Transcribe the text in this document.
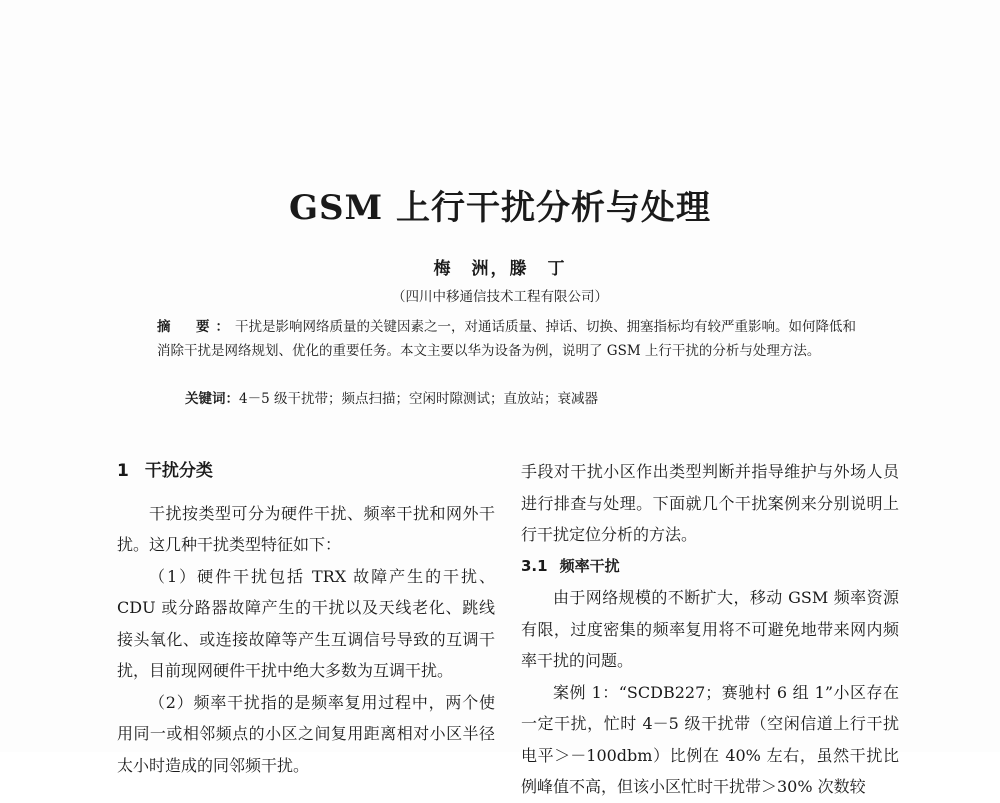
GSM 上行干扰分析与处理
梅　洲，滕　丁
（四川中移通信技术工程有限公司）
摘　要：干扰是影响网络质量的关键因素之一，对通话质量、掉话、切换、拥塞指标均有较严重影响。如何降低和消除干扰是网络规划、优化的重要任务。本文主要以华为设备为例，说明了 GSM 上行干扰的分析与处理方法。
关键词：4－5 级干扰带；频点扫描；空闲时隙测试；直放站；衰减器
1 干扰分类

干扰按类型可分为硬件干扰、频率干扰和网外干扰。这几种干扰类型特征如下：

（1）硬件干扰包括 TRX 故障产生的干扰、CDU 或分路器故障产生的干扰以及天线老化、跳线接头氧化、或连接故障等产生互调信号导致的互调干扰，目前现网硬件干扰中绝大多数为互调干扰。

（2）频率干扰指的是频率复用过程中，两个使用同一或相邻频点的小区之间复用距离相对小区半径太小时造成的同邻频干扰。

手段对干扰小区作出类型判断并指导维护与外场人员进行排查与处理。下面就几个干扰案例来分别说明上行干扰定位分析的方法。

3.1 频率干扰

由于网络规模的不断扩大，移动 GSM 频率资源有限，过度密集的频率复用将不可避免地带来网内频率干扰的问题。

案例 1：“SCDB227；赛驰村 6 组 1”小区存在一定干扰，忙时 4－5 级干扰带（空闲信道上行干扰电平＞－100dbm）比例在 40% 左右，虽然干扰比例峰值不高，但该小区忙时干扰带＞30% 次数较
